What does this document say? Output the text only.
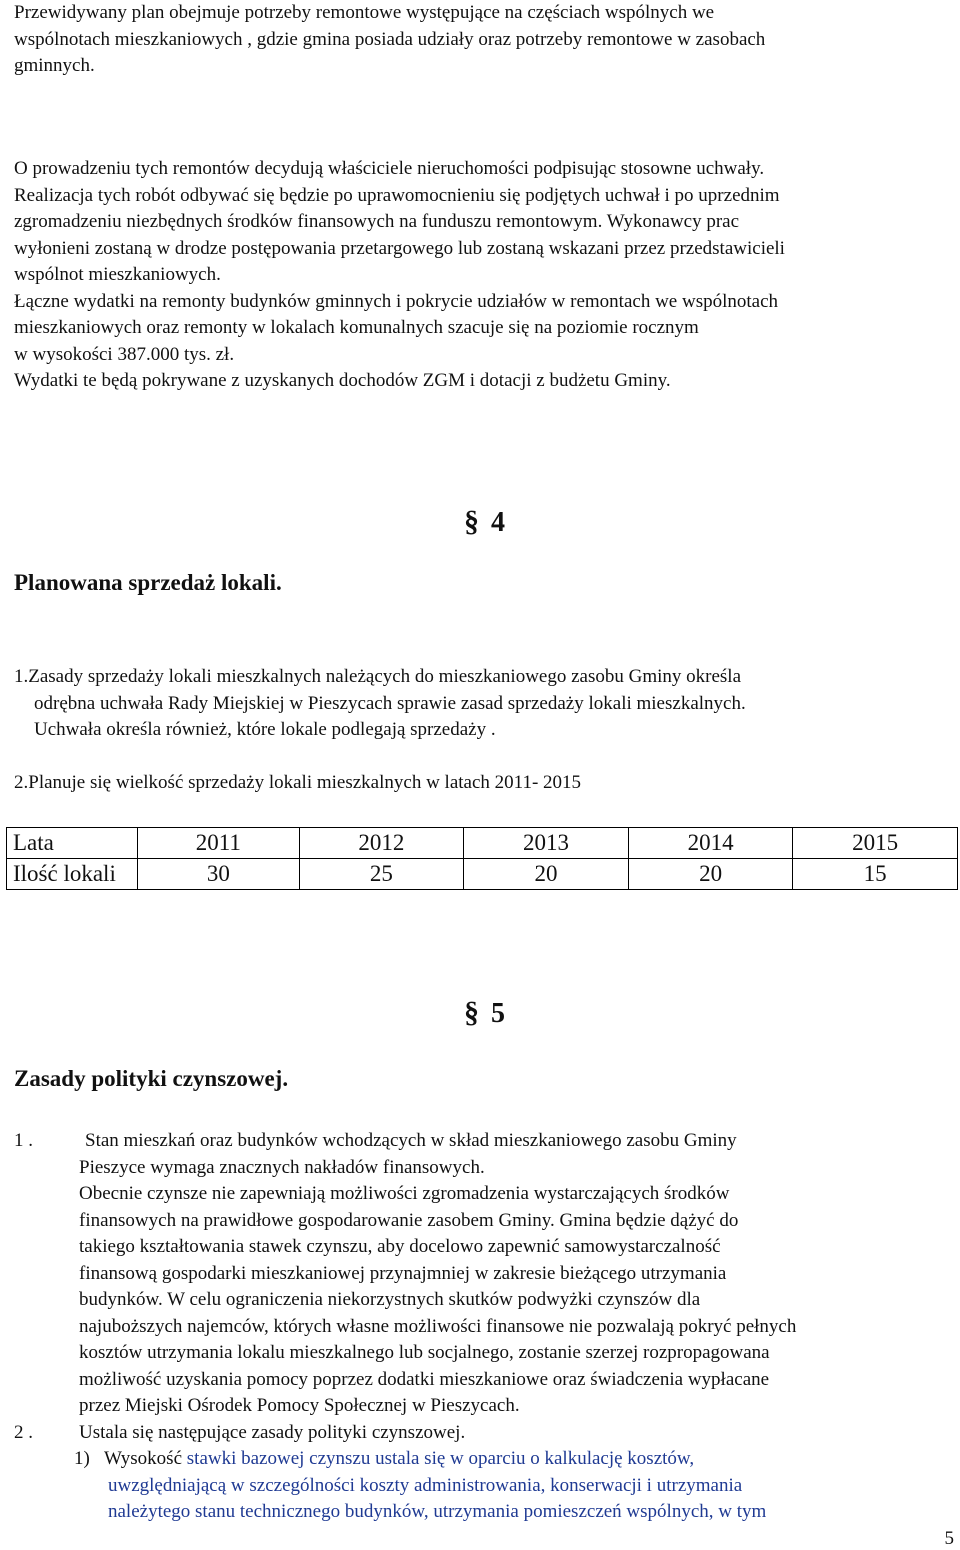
Przewidywany plan obejmuje potrzeby remontowe występujące na częściach wspólnych we
wspólnotach mieszkaniowych , gdzie gmina posiada udziały oraz potrzeby remontowe w zasobach
gminnych.
O prowadzeniu tych remontów decydują właściciele nieruchomości podpisując stosowne uchwały.
Realizacja tych robót odbywać się będzie po uprawomocnieniu się podjętych uchwał i po uprzednim
zgromadzeniu niezbędnych środków finansowych na funduszu remontowym. Wykonawcy prac
wyłonieni zostaną w drodze postępowania przetargowego lub zostaną wskazani przez przedstawicieli
wspólnot mieszkaniowych.
Łączne wydatki na remonty budynków gminnych i pokrycie udziałów w remontach we wspólnotach
mieszkaniowych oraz remonty w lokalach komunalnych szacuje się na poziomie rocznym
w wysokości 387.000 tys. zł.
Wydatki te będą pokrywane z uzyskanych dochodów ZGM i dotacji z budżetu Gminy.
§ 4
Planowana sprzedaż lokali.
1.Zasady sprzedaży lokali mieszkalnych należących do mieszkaniowego zasobu Gminy określa
odrębna uchwała Rady Miejskiej w Pieszycach sprawie zasad sprzedaży lokali mieszkalnych.
Uchwała określa również, które lokale podlegają sprzedaży .
2.Planuje się wielkość sprzedaży lokali mieszkalnych w latach 2011- 2015
Lata	2011	2012	2013	2014	2015
Ilość lokali	30	25	20	20	15
§ 5
Zasady polityki czynszowej.
1 .	Stan mieszkań oraz budynków wchodzących w skład mieszkaniowego zasobu Gminy
Pieszyce wymaga znacznych nakładów finansowych.
Obecnie czynsze nie zapewniają możliwości zgromadzenia wystarczających środków
finansowych na prawidłowe gospodarowanie zasobem Gminy. Gmina będzie dążyć do
takiego kształtowania stawek czynszu, aby docelowo zapewnić samowystarczalność
finansową gospodarki mieszkaniowej przynajmniej w zakresie bieżącego utrzymania
budynków. W celu ograniczenia niekorzystnych skutków podwyżki czynszów dla
najuboższych najemców, których własne możliwości finansowe nie pozwalają pokryć pełnych
kosztów utrzymania lokalu mieszkalnego lub socjalnego, zostanie szerzej rozpropagowana
możliwość uzyskania pomocy poprzez dodatki mieszkaniowe oraz świadczenia wypłacane
przez Miejski Ośrodek Pomocy Społecznej w Pieszycach.
2 .	Ustala się następujące zasady polityki czynszowej.
1) Wysokość stawki bazowej czynszu ustala się w oparciu o kalkulację kosztów,
uwzględniającą w szczególności koszty administrowania, konserwacji i utrzymania
należytego stanu technicznego budynków, utrzymania pomieszczeń wspólnych, w tym
5
